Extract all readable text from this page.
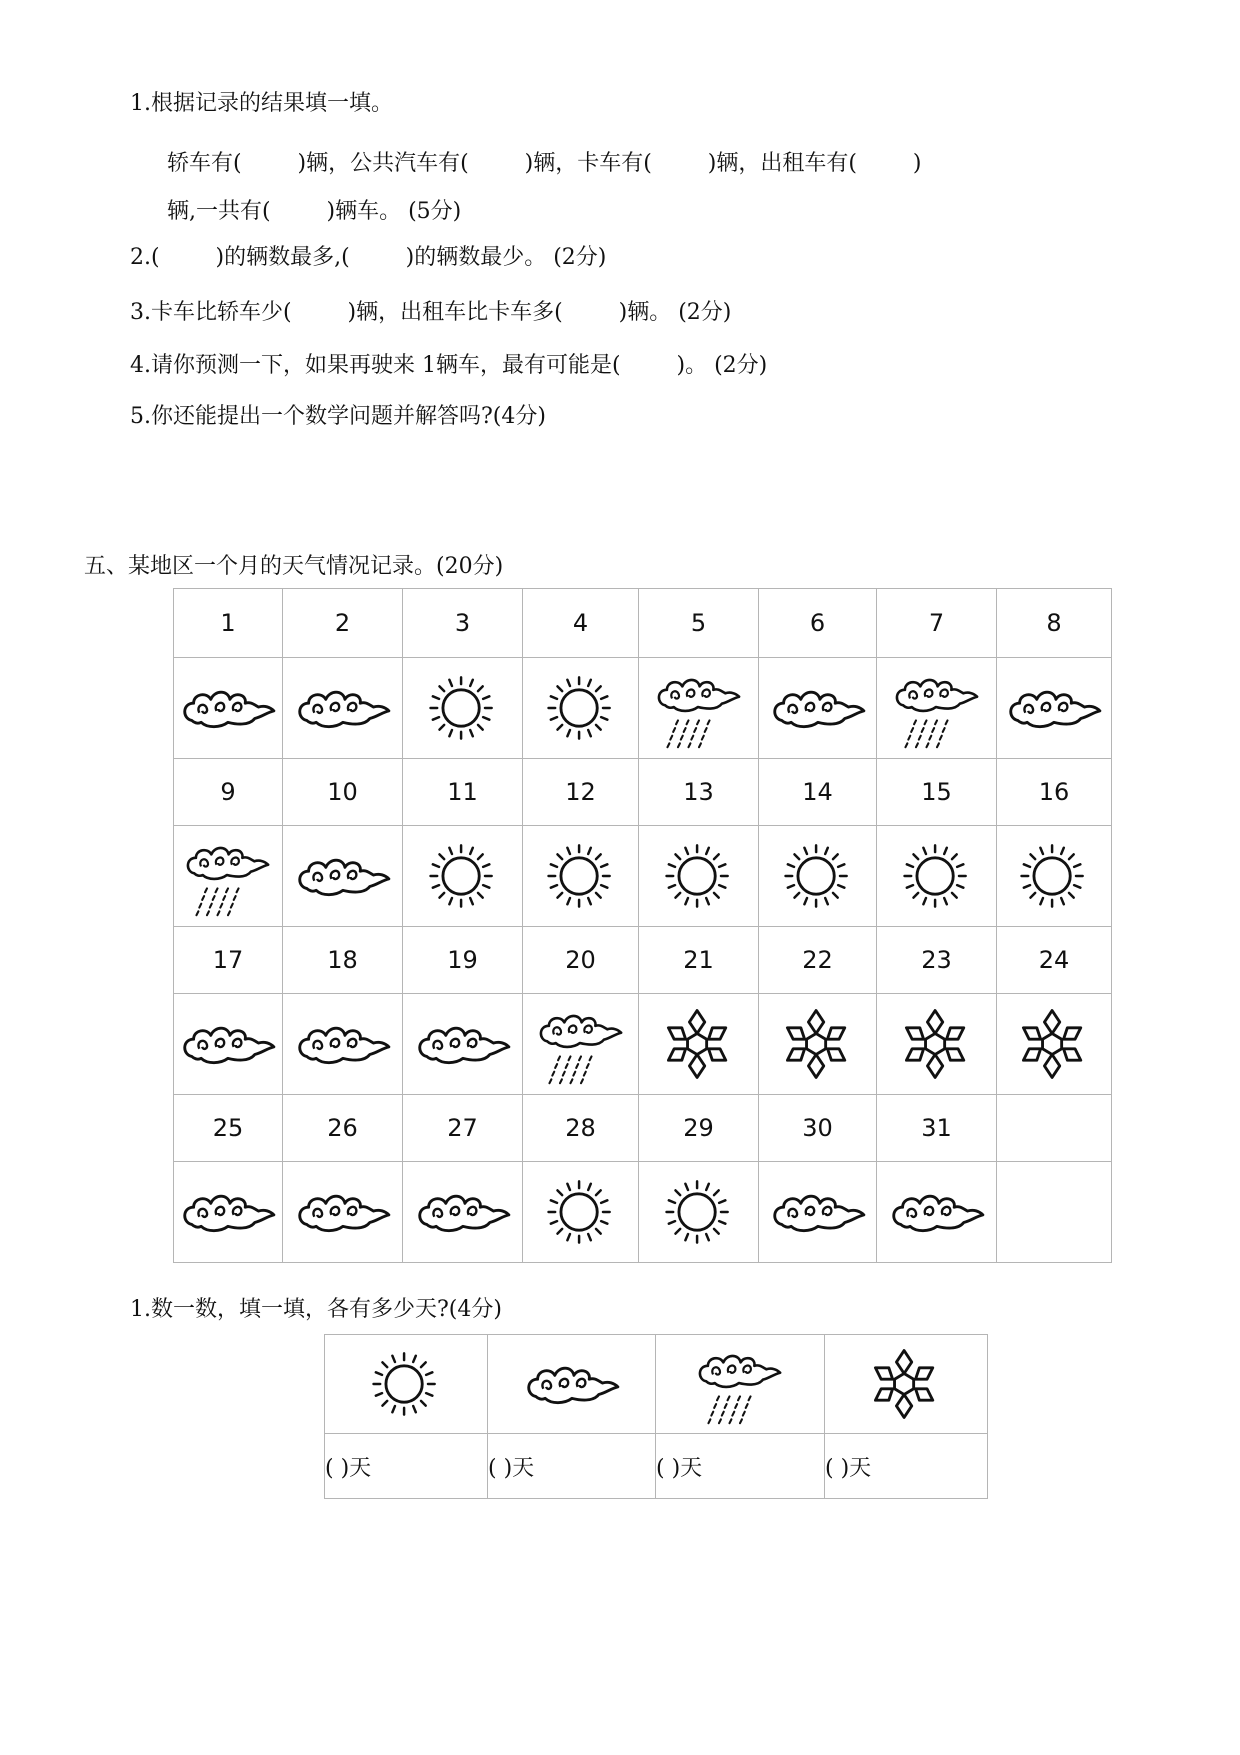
1.根据记录的结果填一填。
轿车有(        )辆，公共汽车有(        )辆，卡车有(        )辆，出租车有(        )
辆,一共有(        )辆车。 (5分)
2.(        )的辆数最多,(        )的辆数最少。 (2分)
3.卡车比轿车少(        )辆，出租车比卡车多(        )辆。 (2分)
4.请你预测一下，如果再驶来 1辆车，最有可能是(        )。 (2分)
5.你还能提出一个数学问题并解答吗?(4分)
五、某地区一个月的天气情况记录。(20分)
1	2	3	4	5	6	7	8

9	10	11	12	13	14	15	16

17	18	19	20	21	22	23	24

25	26	27	28	29	30	31	

1.数一数，填一填，各有多少天?(4分)

( )天	( )天	( )天	( )天
